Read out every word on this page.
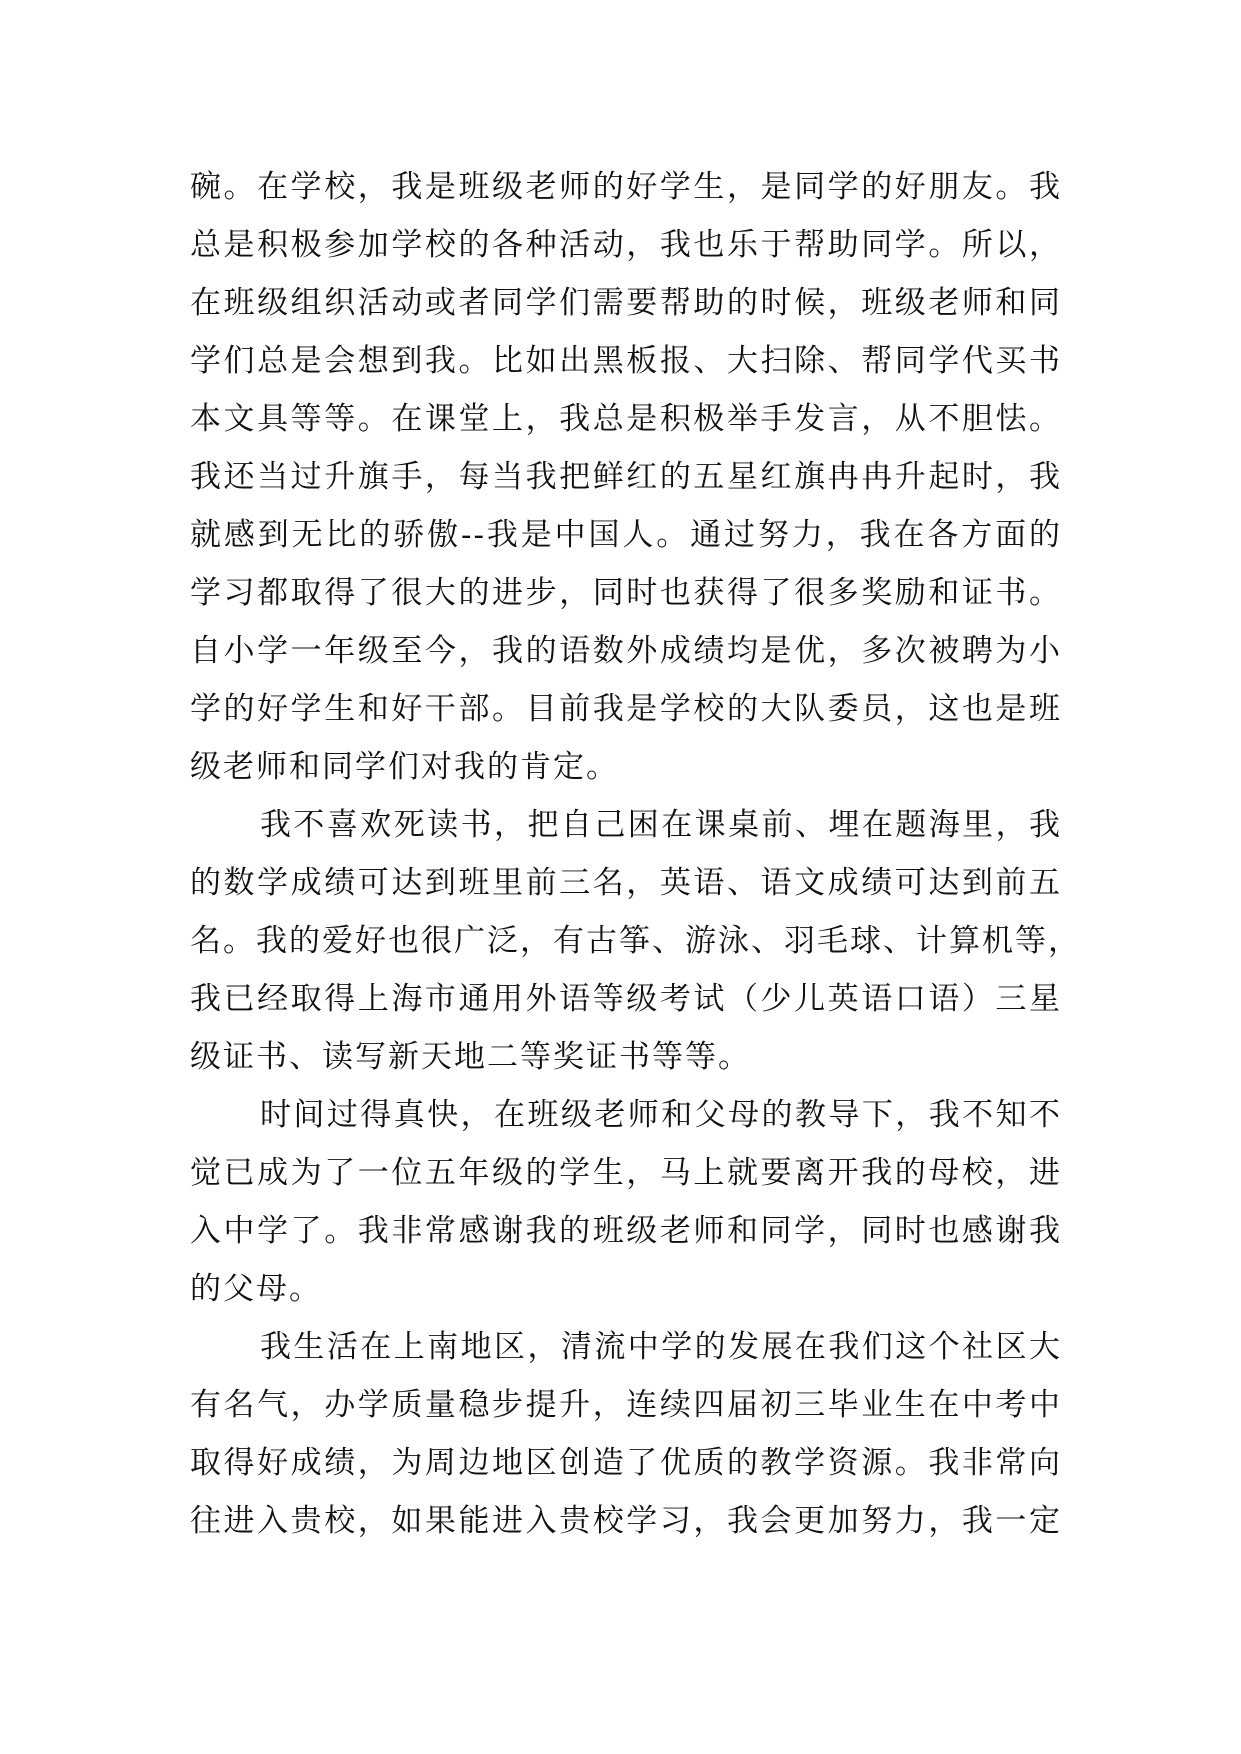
碗。在学校，我是班级老师的好学生，是同学的好朋友。我
总是积极参加学校的各种活动，我也乐于帮助同学。所以，
在班级组织活动或者同学们需要帮助的时候，班级老师和同
学们总是会想到我。比如出黑板报、大扫除、帮同学代买书
本文具等等。在课堂上，我总是积极举手发言，从不胆怯。
我还当过升旗手，每当我把鲜红的五星红旗冉冉升起时，我
就感到无比的骄傲--我是中国人。通过努力，我在各方面的
学习都取得了很大的进步，同时也获得了很多奖励和证书。
自小学一年级至今，我的语数外成绩均是优，多次被聘为小
学的好学生和好干部。目前我是学校的大队委员，这也是班
级老师和同学们对我的肯定。
我不喜欢死读书，把自己困在课桌前、埋在题海里，我
的数学成绩可达到班里前三名，英语、语文成绩可达到前五
名。我的爱好也很广泛，有古筝、游泳、羽毛球、计算机等，
我已经取得上海市通用外语等级考试（少儿英语口语）三星
级证书、读写新天地二等奖证书等等。
时间过得真快，在班级老师和父母的教导下，我不知不
觉已成为了一位五年级的学生，马上就要离开我的母校，进
入中学了。我非常感谢我的班级老师和同学，同时也感谢我
的父母。
我生活在上南地区，清流中学的发展在我们这个社区大
有名气，办学质量稳步提升，连续四届初三毕业生在中考中
取得好成绩，为周边地区创造了优质的教学资源。我非常向
往进入贵校，如果能进入贵校学习，我会更加努力，我一定
